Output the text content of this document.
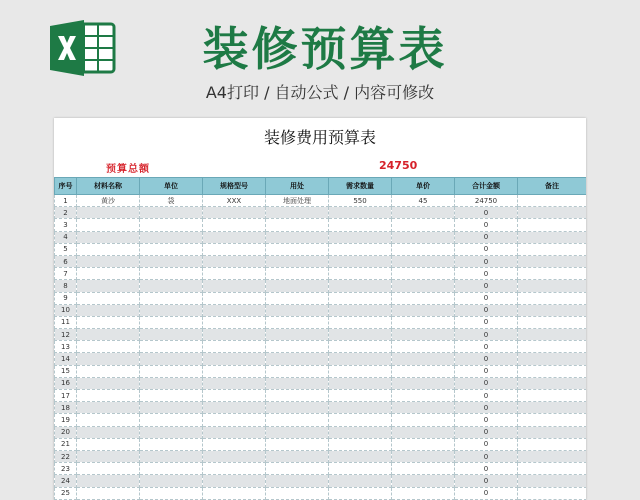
装修预算表
A4打印 / 自动公式 / 内容可修改
装修费用预算表
预算总额	24750
序号	材料名称	单位	规格型号	用处	需求数量	单价	合计金额	备注
1	黄沙	袋	XXX	地面处理	550	45	24750	
2							0	
3							0	
4							0	
5							0	
6							0	
7							0	
8							0	
9							0	
10							0	
11							0	
12							0	
13							0	
14							0	
15							0	
16							0	
17							0	
18							0	
19							0	
20							0	
21							0	
22							0	
23							0	
24							0	
25							0	
